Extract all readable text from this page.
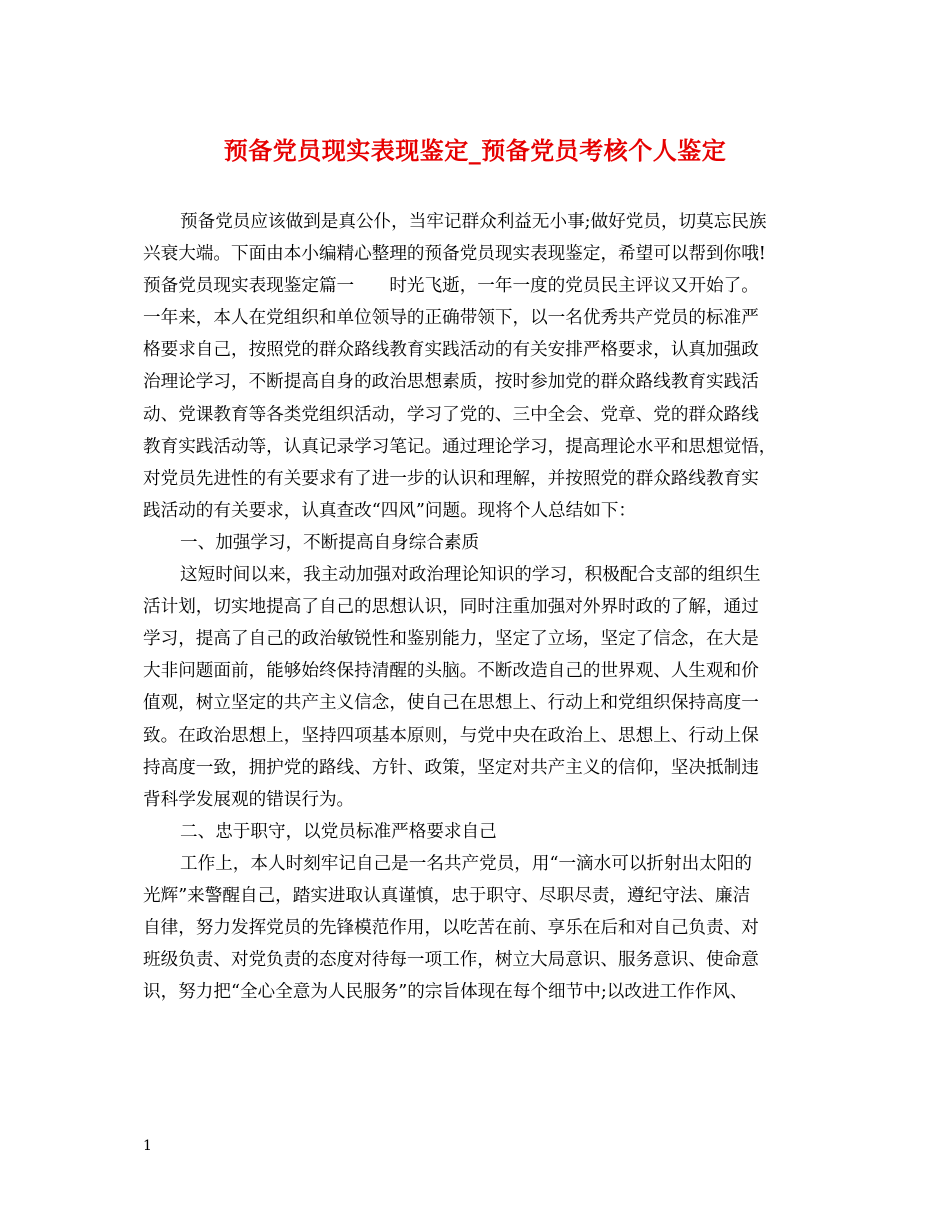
预备党员现实表现鉴定_预备党员考核个人鉴定
预备党员应该做到是真公仆，当牢记群众利益无小事;做好党员，切莫忘民族
兴衰大端。下面由本小编精心整理的预备党员现实表现鉴定，希望可以帮到你哦!
预备党员现实表现鉴定篇一　　时光飞逝，一年一度的党员民主评议又开始了。
一年来，本人在党组织和单位领导的正确带领下，以一名优秀共产党员的标准严
格要求自己，按照党的群众路线教育实践活动的有关安排严格要求，认真加强政
治理论学习，不断提高自身的政治思想素质，按时参加党的群众路线教育实践活
动、党课教育等各类党组织活动，学习了党的、三中全会、党章、党的群众路线
教育实践活动等，认真记录学习笔记。通过理论学习，提高理论水平和思想觉悟，
对党员先进性的有关要求有了进一步的认识和理解，并按照党的群众路线教育实
践活动的有关要求，认真查改“四风”问题。现将个人总结如下：
一、加强学习，不断提高自身综合素质
这短时间以来，我主动加强对政治理论知识的学习，积极配合支部的组织生
活计划，切实地提高了自己的思想认识，同时注重加强对外界时政的了解，通过
学习，提高了自己的政治敏锐性和鉴别能力，坚定了立场，坚定了信念，在大是
大非问题面前，能够始终保持清醒的头脑。不断改造自己的世界观、人生观和价
值观，树立坚定的共产主义信念，使自己在思想上、行动上和党组织保持高度一
致。在政治思想上，坚持四项基本原则，与党中央在政治上、思想上、行动上保
持高度一致，拥护党的路线、方针、政策，坚定对共产主义的信仰，坚决抵制违
背科学发展观的错误行为。
二、忠于职守，以党员标准严格要求自己
工作上，本人时刻牢记自己是一名共产党员，用“一滴水可以折射出太阳的
光辉”来警醒自己，踏实进取认真谨慎，忠于职守、尽职尽责，遵纪守法、廉洁
自律，努力发挥党员的先锋模范作用，以吃苦在前、享乐在后和对自己负责、对
班级负责、对党负责的态度对待每一项工作，树立大局意识、服务意识、使命意
识，努力把“全心全意为人民服务”的宗旨体现在每个细节中;以改进工作作风、
1
